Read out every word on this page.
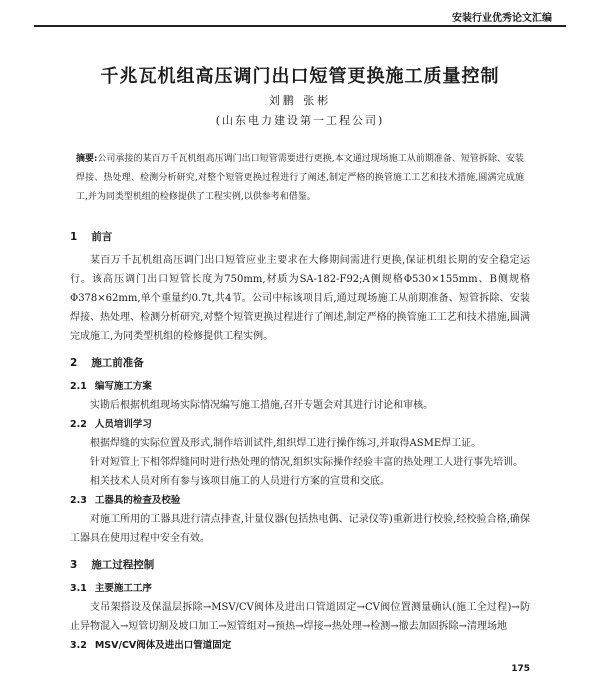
安装行业优秀论文汇编
千兆瓦机组高压调门出口短管更换施工质量控制
刘鹏 张彬
(山东电力建设第一工程公司)
摘要:公司承接的某百万千瓦机组高压调门出口短管需要进行更换,本文通过现场施工从前期准备、短管拆除、安装焊接、热处理、检测分析研究,对整个短管更换过程进行了阐述,制定严格的换管施工工艺和技术措施,圆满完成施工,并为同类型机组的检修提供了工程实例,以供参考和借鉴。
1 前言

某百万千瓦机组高压调门出口短管应业主要求在大修期间需进行更换,保证机组长期的安全稳定运行。该高压调门出口短管长度为750mm,材质为SA-182-F92;A侧规格Φ530×155mm、B侧规格Φ378×62mm,单个重量约0.7t,共4节。公司中标该项目后,通过现场施工从前期准备、短管拆除、安装焊接、热处理、检测分析研究,对整个短管更换过程进行了阐述,制定严格的换管施工工艺和技术措施,圆满完成施工,为同类型机组的检修提供工程实例。

2 施工前准备
2.1 编写施工方案

实勘后根据机组现场实际情况编写施工措施,召开专题会对其进行讨论和审核。

2.2 人员培训学习

根据焊缝的实际位置及形式,制作培训试件,组织焊工进行操作练习,并取得ASME焊工证。

针对短管上下相邻焊缝同时进行热处理的情况,组织实际操作经验丰富的热处理工人进行事先培训。

相关技术人员对所有参与该项目施工的人员进行方案的宣贯和交底。

2.3 工器具的检查及校验

对施工所用的工器具进行清点排查,计量仪器(包括热电偶、记录仪等)重新进行校验,经校验合格,确保工器具在使用过程中安全有效。

3 施工过程控制
3.1 主要施工工序

支吊架搭设及保温层拆除→MSV/CV阀体及进出口管道固定→CV阀位置测量确认(施工全过程)→防止异物混入→短管切割及坡口加工→短管组对→预热→焊接→热处理→检测→撤去加固拆除→清理场地

3.2 MSV/CV阀体及进出口管道固定
175
